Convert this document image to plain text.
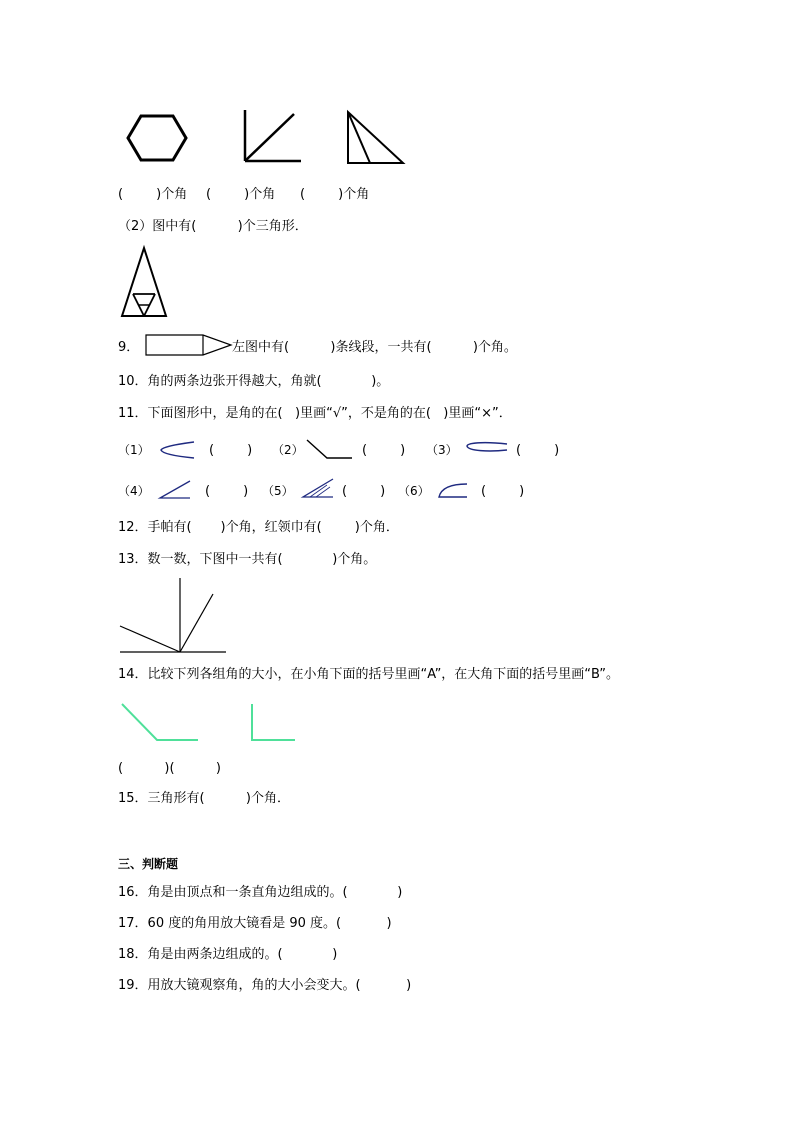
(        )个角 (        )个角 (        )个角
（2）图中有(          )个三角形．
9．	左图中有(          )条线段，一共有(          )个角。
10．角的两条边张开得越大，角就(            )。
11．下面图形中，是角的在(   )里画“√”，不是角的在(   )里画“×”．
（1）	(        ) （2）	(        ) （3）	(        )
（4）	(        ) （5）	(        ) （6）	(        )
12．手帕有(       )个角，红领巾有(        )个角．
13．数一数，下图中一共有(            )个角。
14．比较下列各组角的大小，在小角下面的括号里画“A”，在大角下面的括号里画“B”。
(          )(          )
15．三角形有(          )个角．
三、判断题
16．角是由顶点和一条直角边组成的。(            )
17．60 度的角用放大镜看是 90 度。(           )
18．角是由两条边组成的。(            )
19．用放大镜观察角，角的大小会变大。(           )
